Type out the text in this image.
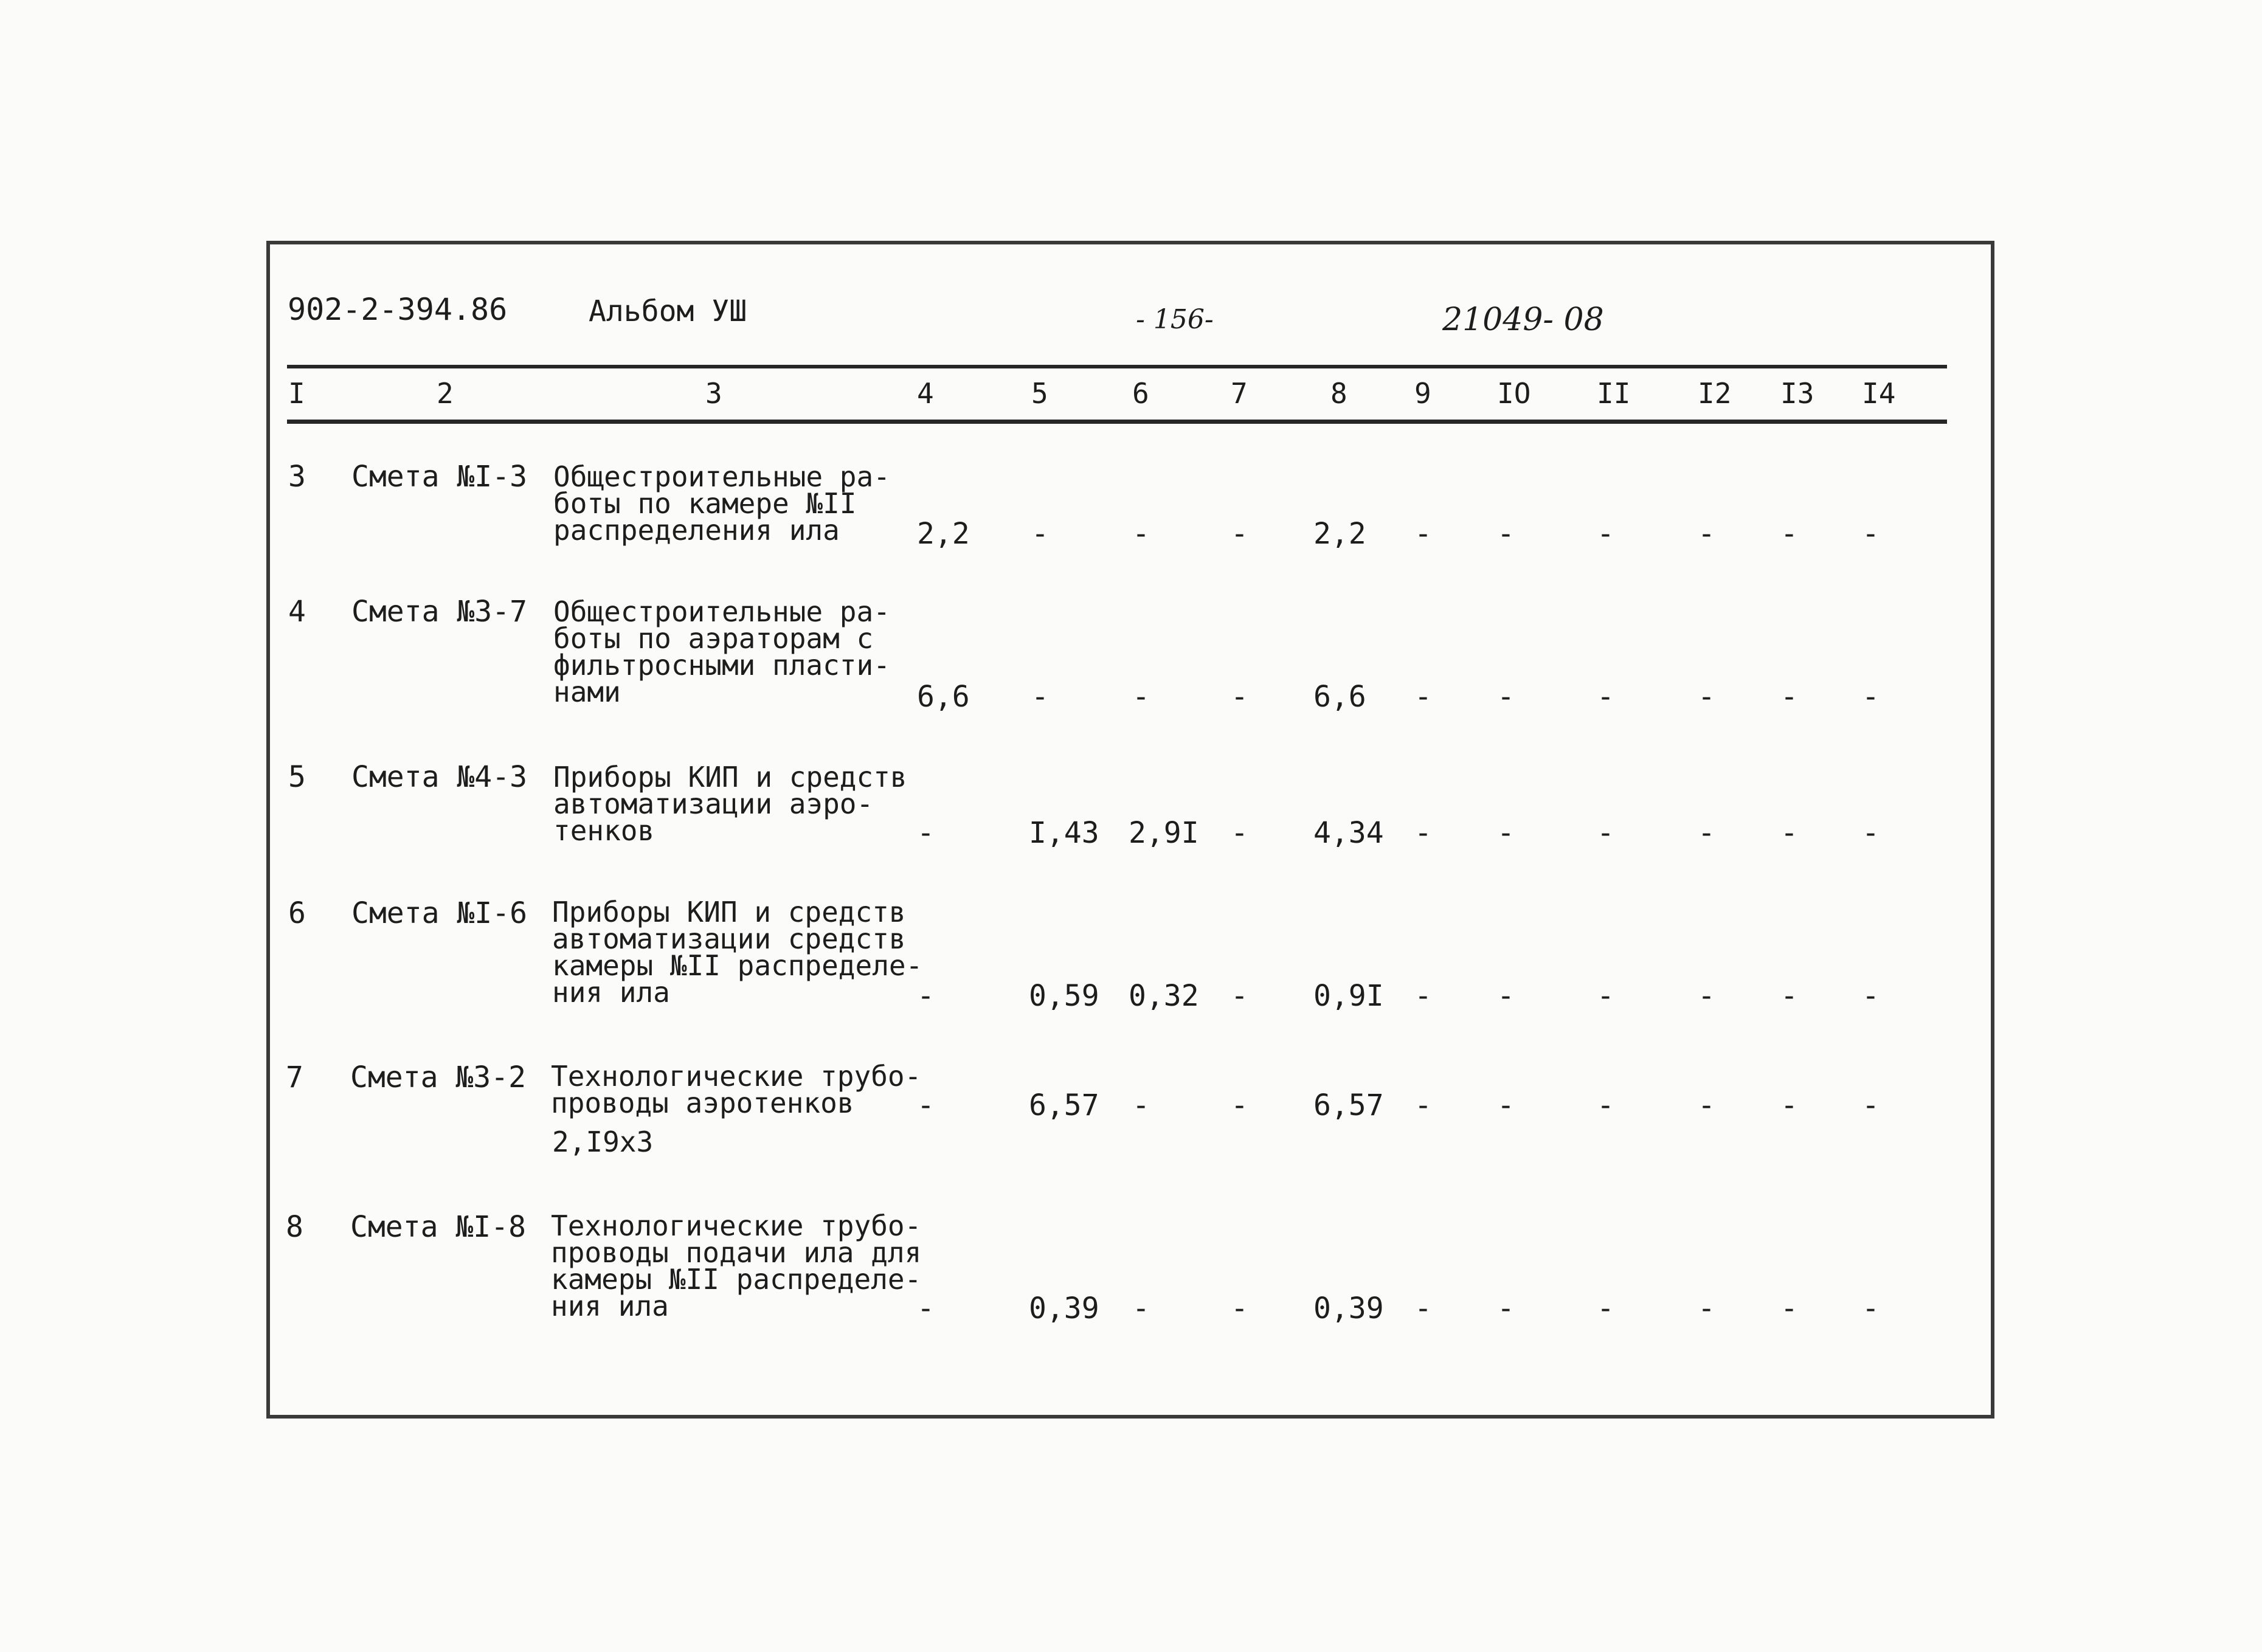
902-2-394.86	Альбом УШ	- 156-	21049- 08
I	2	3	4	5	6	7	8 9 IO II I2 I3 I4
3 Смета №I-3 Общестроительные ра-
боты по камере №II
распределения ила	2,2 -	-	- 2,2 - -	-	- - -
4 Смета №3-7 Общестроительные ра-
боты по аэраторам с
фильтросными пласти-
нами	6,6 -	-	- 6,6 - -	-	- - -
5 Смета №4-3 Приборы КИП и средств
автоматизации аэро-
тенков	-	I,43 2,9I - 4,34 - -	-	- - -
6 Смета №I-6 Приборы КИП и средств
автоматизации средств
камеры №II распределе-
ния ила	-	0,59 0,32 - 0,9I - -	-	- - -
7 Смета №3-2 Технологические трубо-
проводы аэротенков
2,I9x3
-	6,57 -	- 6,57 - -	-	- - -
8 Смета №I-8 Технологические трубо-
проводы подачи ила для
камеры №II распределе-
ния ила	-	0,39 -	- 0,39 - -	-	- - -
